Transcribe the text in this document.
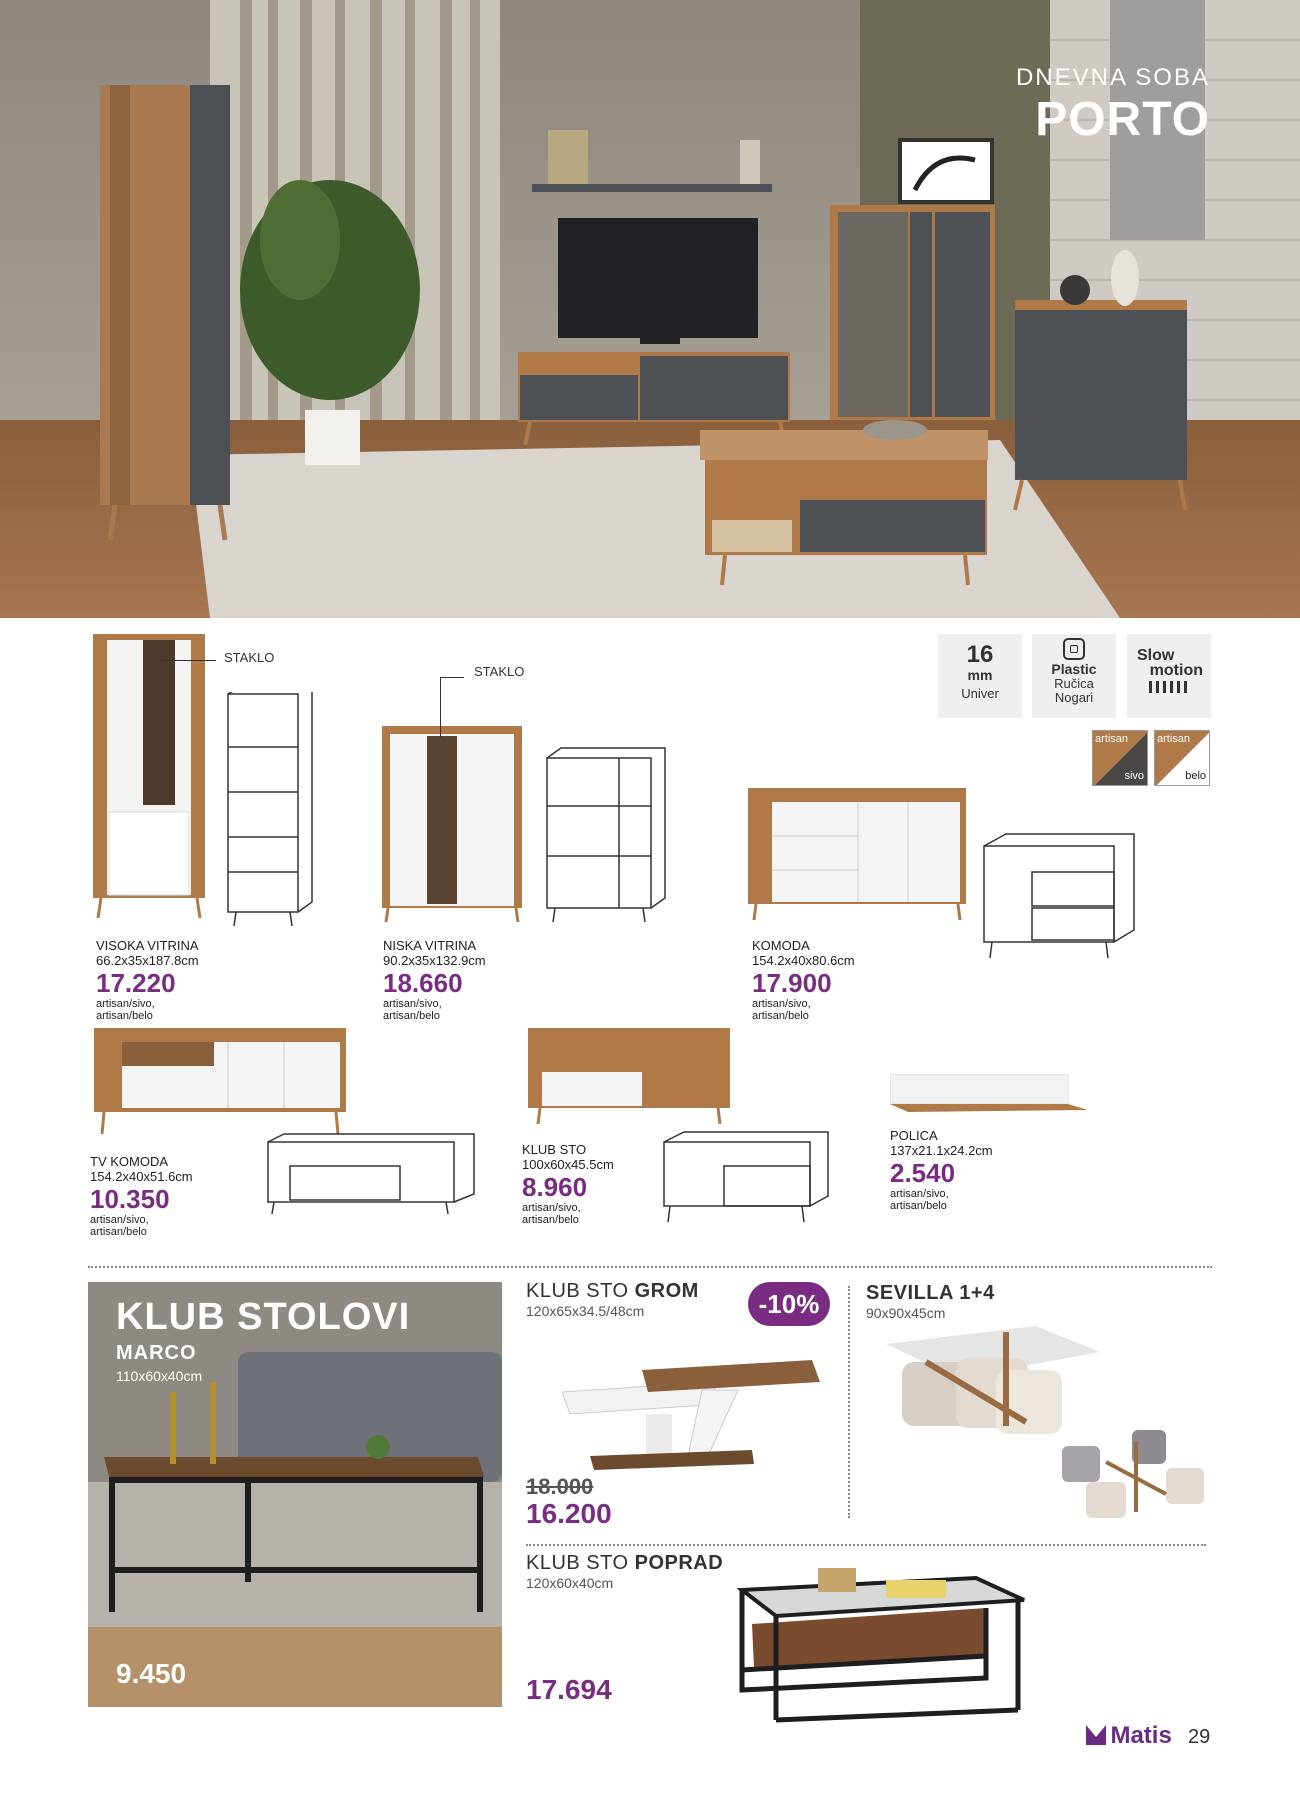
DNEVNA SOBA
PORTO
STAKLO
STAKLO
16
mm
Univer
Plastic
Ručica
Nogari
Slow
motion
artisan
sivo
artisan
belo
VISOKA VITRINA
66.2x35x187.8cm
17.220
artisan/sivo,
artisan/belo
NISKA VITRINA
90.2x35x132.9cm
18.660
artisan/sivo,
artisan/belo
KOMODA
154.2x40x80.6cm
17.900
artisan/sivo,
artisan/belo
TV KOMODA
154.2x40x51.6cm
10.350
artisan/sivo,
artisan/belo
KLUB STO
100x60x45.5cm
8.960
artisan/sivo,
artisan/belo
POLICA
137x21.1x24.2cm
2.540
artisan/sivo,
artisan/belo
KLUB STOLOVI
MARCO
110x60x40cm
9.450
KLUB STO GROM
120x65x34.5/48cm	-10%
18.000
16.200
SEVILLA 1+4
90x90x45cm
KLUB STO POPRAD
120x60x40cm
17.694
Matis 29
